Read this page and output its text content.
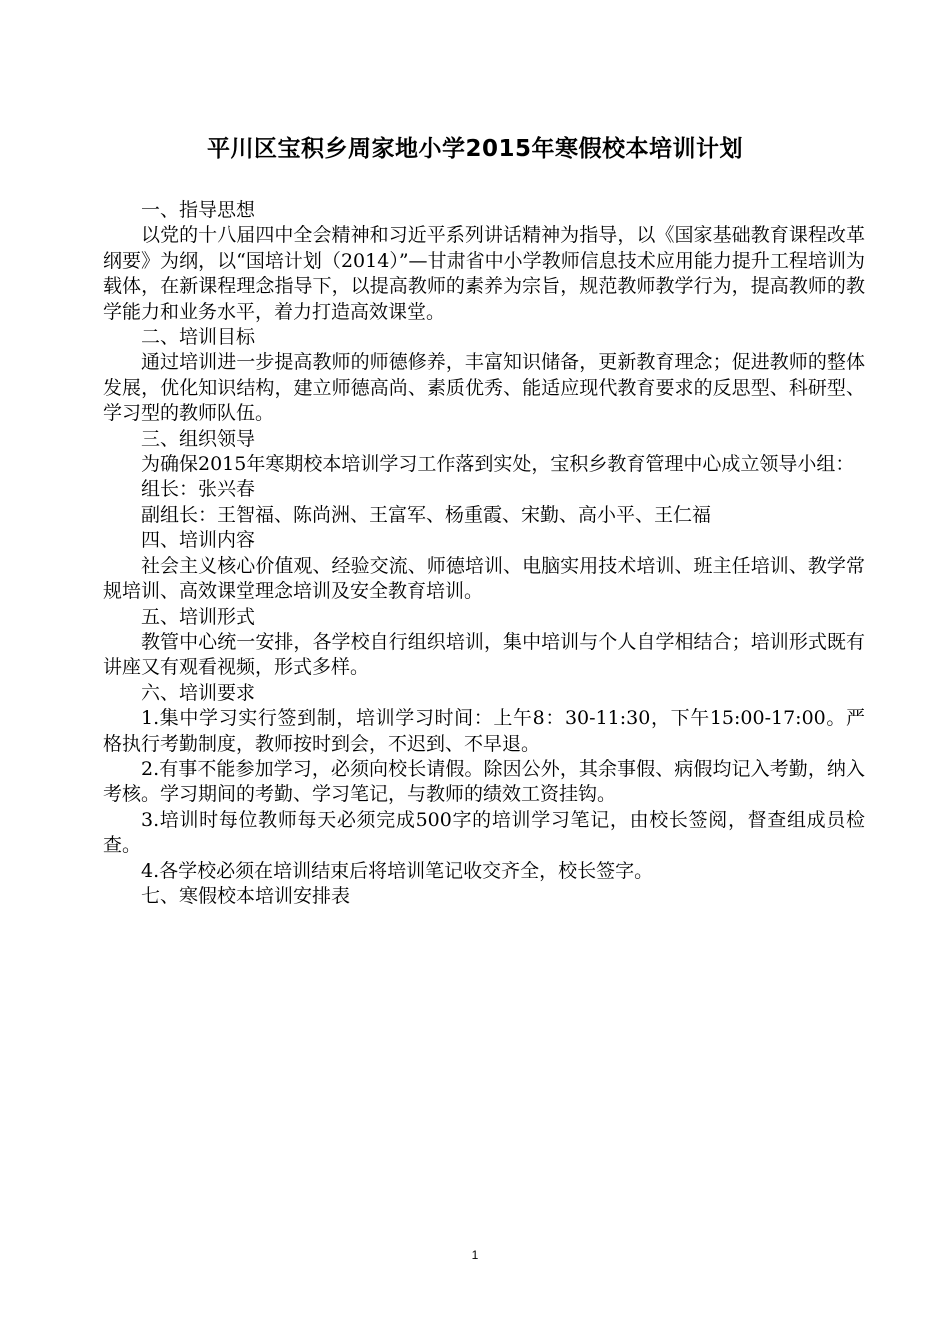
平川区宝积乡周家地小学2015年寒假校本培训计划
一、指导思想
以党的十八届四中全会精神和习近平系列讲话精神为指导，以《国家基础教育课程改革纲要》为纲，以“国培计划（2014）”—甘肃省中小学教师信息技术应用能力提升工程培训为载体，在新课程理念指导下，以提高教师的素养为宗旨，规范教师教学行为，提高教师的教学能力和业务水平，着力打造高效课堂。
二、培训目标
通过培训进一步提高教师的师德修养，丰富知识储备，更新教育理念；促进教师的整体发展，优化知识结构，建立师德高尚、素质优秀、能适应现代教育要求的反思型、科研型、学习型的教师队伍。
三、组织领导
为确保2015年寒期校本培训学习工作落到实处，宝积乡教育管理中心成立领导小组：
组长：张兴春
副组长：王智福、陈尚洲、王富军、杨重霞、宋勤、高小平、王仁福
四、培训内容
社会主义核心价值观、经验交流、师德培训、电脑实用技术培训、班主任培训、教学常规培训、高效课堂理念培训及安全教育培训。
五、培训形式
教管中心统一安排，各学校自行组织培训，集中培训与个人自学相结合；培训形式既有讲座又有观看视频，形式多样。
六、培训要求
1.集中学习实行签到制，培训学习时间：上午8：30-11:30，下午15:00-17:00。严格执行考勤制度，教师按时到会，不迟到、不早退。
2.有事不能参加学习，必须向校长请假。除因公外，其余事假、病假均记入考勤，纳入考核。学习期间的考勤、学习笔记，与教师的绩效工资挂钩。
3.培训时每位教师每天必须完成500字的培训学习笔记，由校长签阅，督查组成员检查。
4.各学校必须在培训结束后将培训笔记收交齐全，校长签字。
七、寒假校本培训安排表
1
